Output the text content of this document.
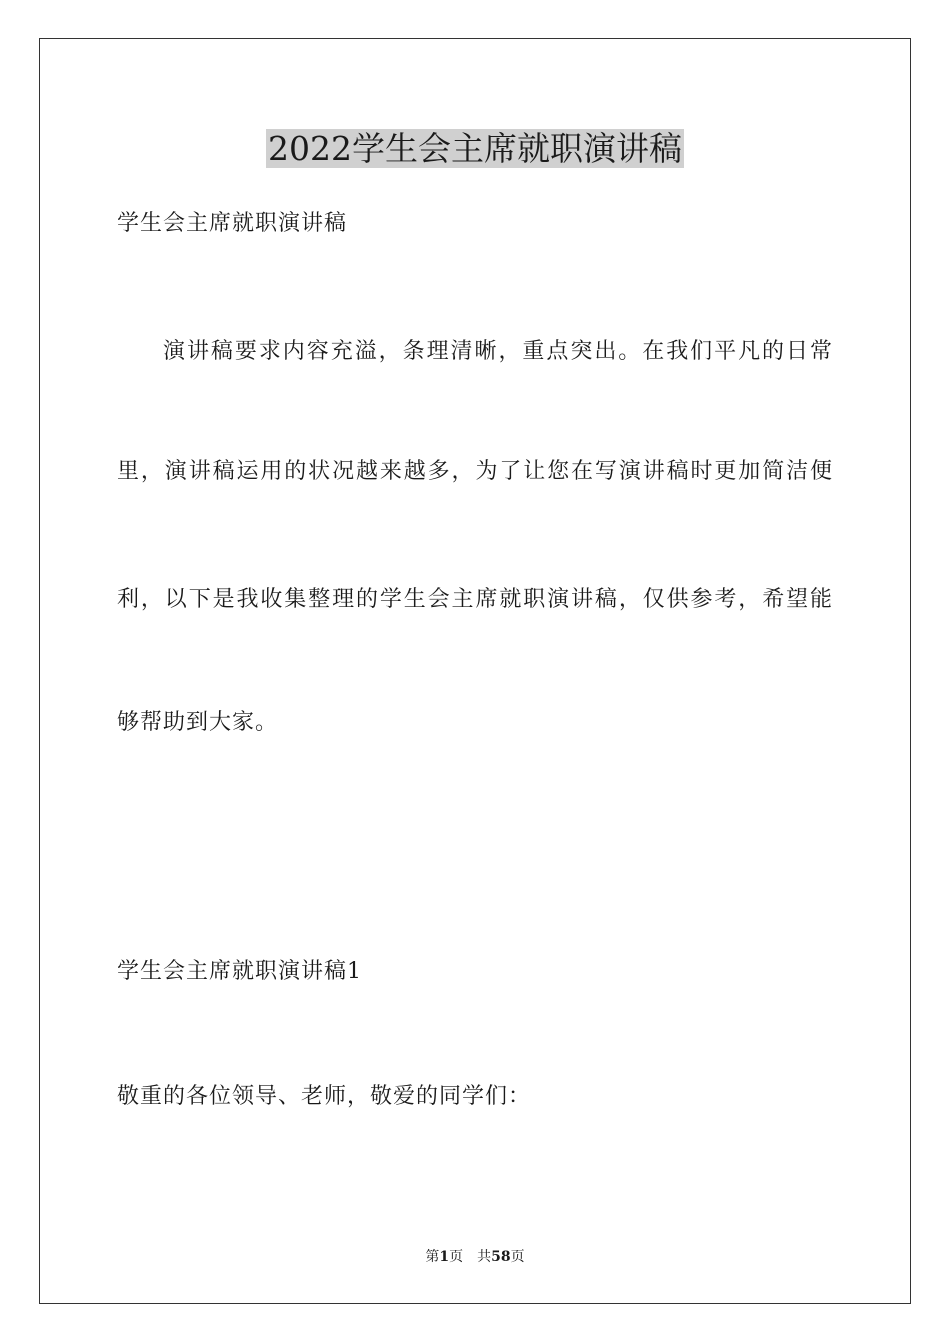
2022学生会主席就职演讲稿
学生会主席就职演讲稿
演讲稿要求内容充溢，条理清晰，重点突出。在我们平凡的日常
里，演讲稿运用的状况越来越多，为了让您在写演讲稿时更加简洁便
利，以下是我收集整理的学生会主席就职演讲稿，仅供参考，希望能
够帮助到大家。
学生会主席就职演讲稿1
敬重的各位领导、老师，敬爱的同学们：
第1页 共58页
